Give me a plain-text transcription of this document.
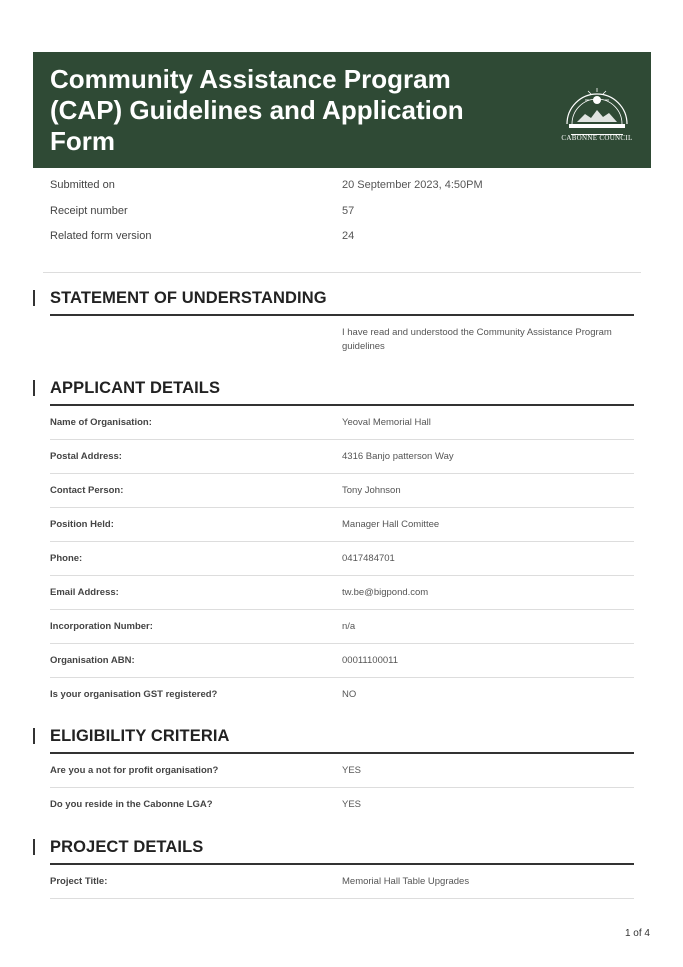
Community Assistance Program (CAP) Guidelines and Application Form	CABONNE COUNCIL
Submitted on	20 September 2023, 4:50PM
Receipt number	57
Related form version	24
STATEMENT OF UNDERSTANDING
I have read and understood the Community Assistance Program guidelines
APPLICANT DETAILS
Name of Organisation:	Yeoval Memorial Hall
Postal Address:	4316 Banjo patterson Way
Contact Person:	Tony Johnson
Position Held:	Manager Hall Comittee
Phone:	0417484701
Email Address:	tw.be@bigpond.com
Incorporation Number:	n/a
Organisation ABN:	00011100011
Is your organisation GST registered?	NO
ELIGIBILITY CRITERIA
Are you a not for profit organisation?	YES
Do you reside in the Cabonne LGA?	YES
PROJECT DETAILS
Project Title:	Memorial Hall Table Upgrades
1 of 4
